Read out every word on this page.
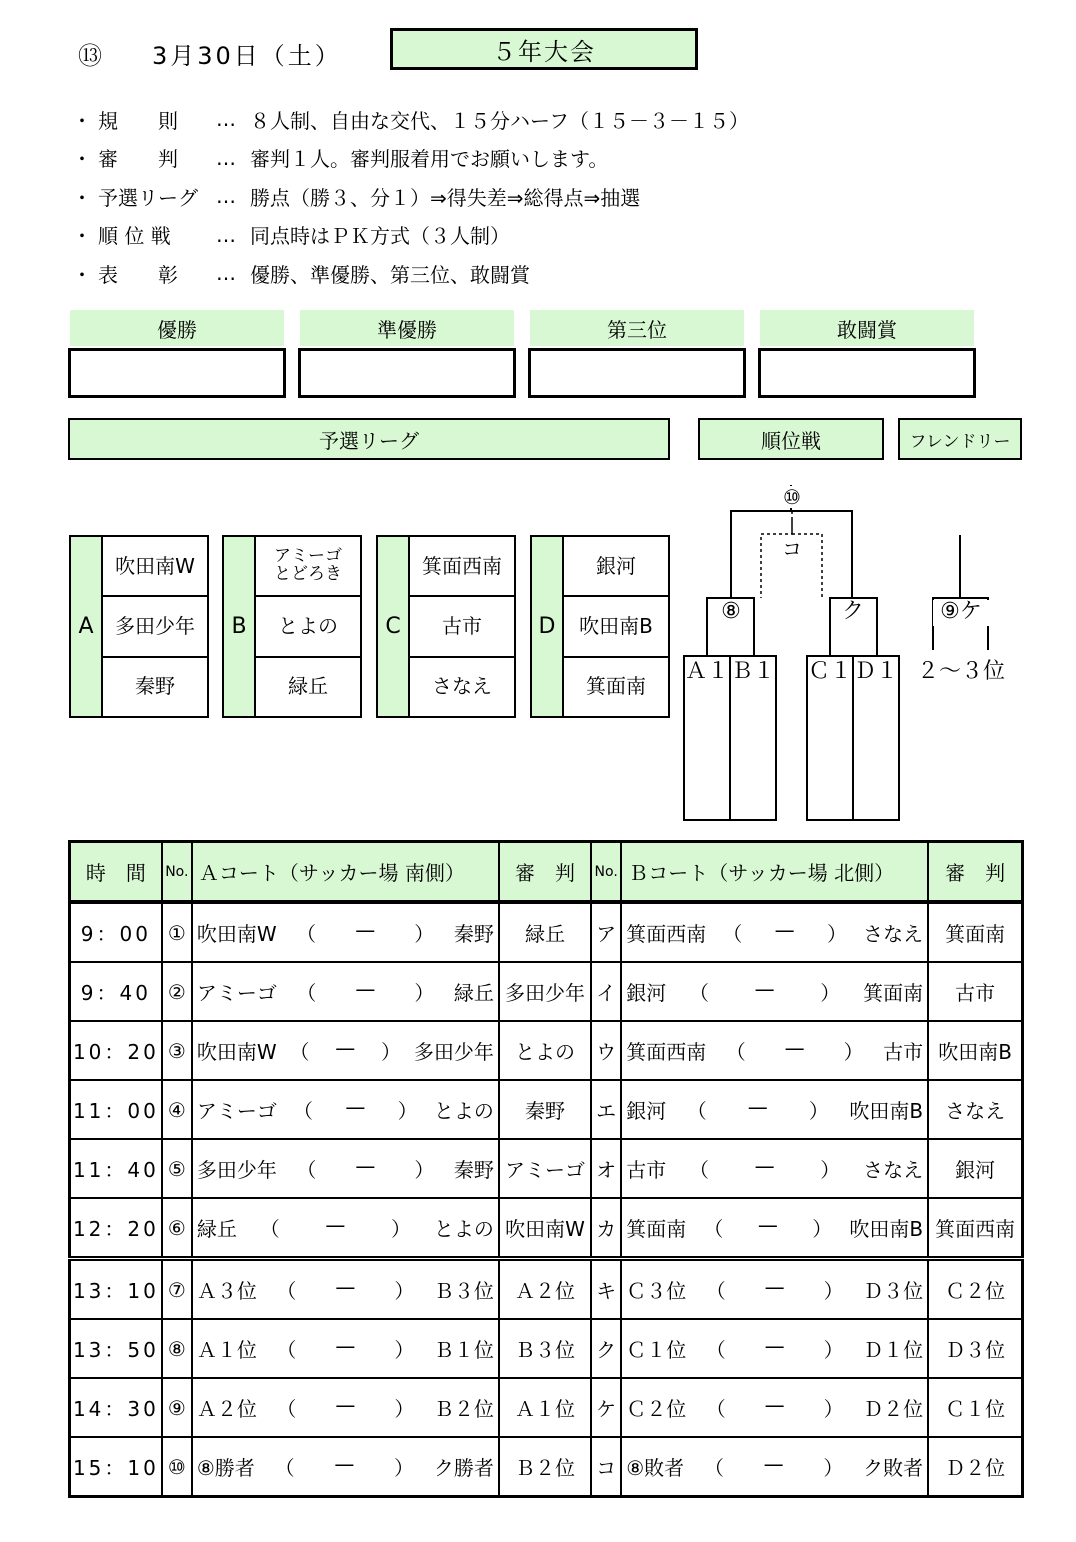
⑬ 3月30日（土）	５年大会
・ 規　　則	… ８人制、自由な交代、１５分ハーフ（１５－３－１５）
・ 審　　判	… 審判１人。審判服着用でお願いします。
・ 予選リーグ … 勝点（勝３、分１）⇒得失差⇒総得点⇒抽選
・ 順 位 戦	… 同点時はＰＫ方式（３人制）
・ 表　　彰	… 優勝、準優勝、第三位、敢闘賞
優勝	準優勝	第三位	敢闘賞
予選リーグ	順位戦	フレンドリー
A
吹田南W
多田少年
秦野
B
アミーゴ
とどろき
とよの
緑丘
C
箕面西南
古市
さなえ
D
銀河
吹田南B
箕面南
⑩
コ
⑧	ク
Ａ１ Ｂ１ Ｃ１ Ｄ１
⑨ケ
２～３位
時　間	No.	Ａコート（サッカー場 南側）	審　判	No.	Ｂコート（サッカー場 北側）	審　判
9：00	①	吹田南W （ — ） 秦野	緑丘	ア	箕面西南 （ — ） さなえ	箕面南
9：40	②	アミーゴ （ — ） 緑丘	多田少年	イ	銀河 （ — ） 箕面南	古市
10：20	③	吹田南W （ — ） 多田少年	とよの	ウ	箕面西南 （ — ） 古市	吹田南B
11：00	④	アミーゴ （ — ） とよの	秦野	エ	銀河 （ — ） 吹田南B	さなえ
11：40	⑤	多田少年 （ — ） 秦野	アミーゴ	オ	古市 （ — ） さなえ	銀河
12：20	⑥	緑丘 （ — ） とよの	吹田南W	カ	箕面南 （ — ） 吹田南B	箕面西南
13：10	⑦	Ａ３位 （ — ） Ｂ３位	Ａ２位	キ	Ｃ３位 （ — ） Ｄ３位	Ｃ２位
13：50	⑧	Ａ１位 （ — ） Ｂ１位	Ｂ３位	ク	Ｃ１位 （ — ） Ｄ１位	Ｄ３位
14：30	⑨	Ａ２位 （ — ） Ｂ２位	Ａ１位	ケ	Ｃ２位 （ — ） Ｄ２位	Ｃ１位
15：10	⑩	⑧勝者 （ — ） ク勝者	Ｂ２位	コ	⑧敗者 （ — ） ク敗者	Ｄ２位
